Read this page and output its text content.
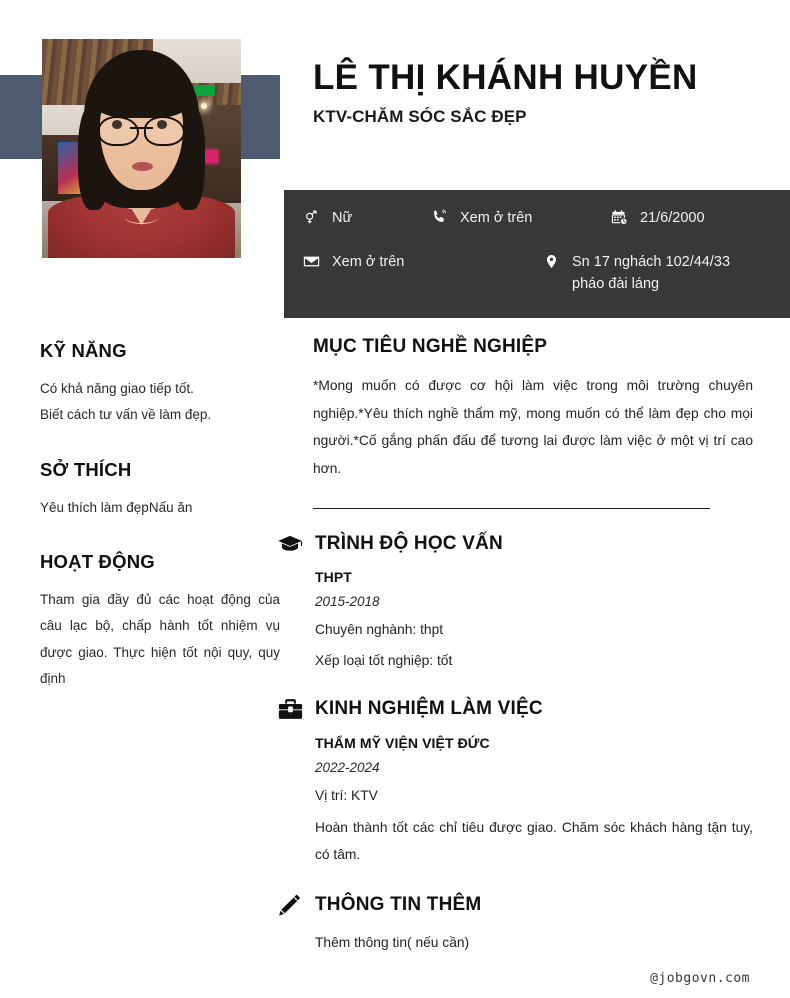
LÊ THỊ KHÁNH HUYỀN
KTV-CHĂM SÓC SẮC ĐẸP
Nữ	Xem ở trên	21/6/2000
Xem ở trên	Sn 17 nghách 102/44/33 pháo đài láng
KỸ NĂNG
Có khả năng giao tiếp tốt.
Biết cách tư vấn về làm đẹp.
SỞ THÍCH
Yêu thích làm đẹpNấu ăn
HOẠT ĐỘNG

Tham gia đầy đủ các hoạt động của câu lạc bộ, chấp hành tốt nhiệm vụ được giao. Thực hiện tốt nội quy, quy định

MỤC TIÊU NGHỀ NGHIỆP

*Mong muốn có được cơ hội làm việc trong môi trường chuyên nghiệp.*Yêu thích nghề thẩm mỹ, mong muốn có thể làm đẹp cho mọi người.*Cố gắng phấn đấu để tương lai được làm việc ở một vị trí cao hơn.

TRÌNH ĐỘ HỌC VẤN
THPT
2015-2018
Chuyên nghành: thpt
Xếp loại tốt nghiệp: tốt
KINH NGHIỆM LÀM VIỆC
THẨM MỸ VIỆN VIỆT ĐỨC
2022-2024
Vị trí: KTV

Hoàn thành tốt các chỉ tiêu được giao. Chăm sóc khách hàng tận tuy, có tâm.

THÔNG TIN THÊM
Thêm thông tin( nếu cần)
@jobgovn.com
